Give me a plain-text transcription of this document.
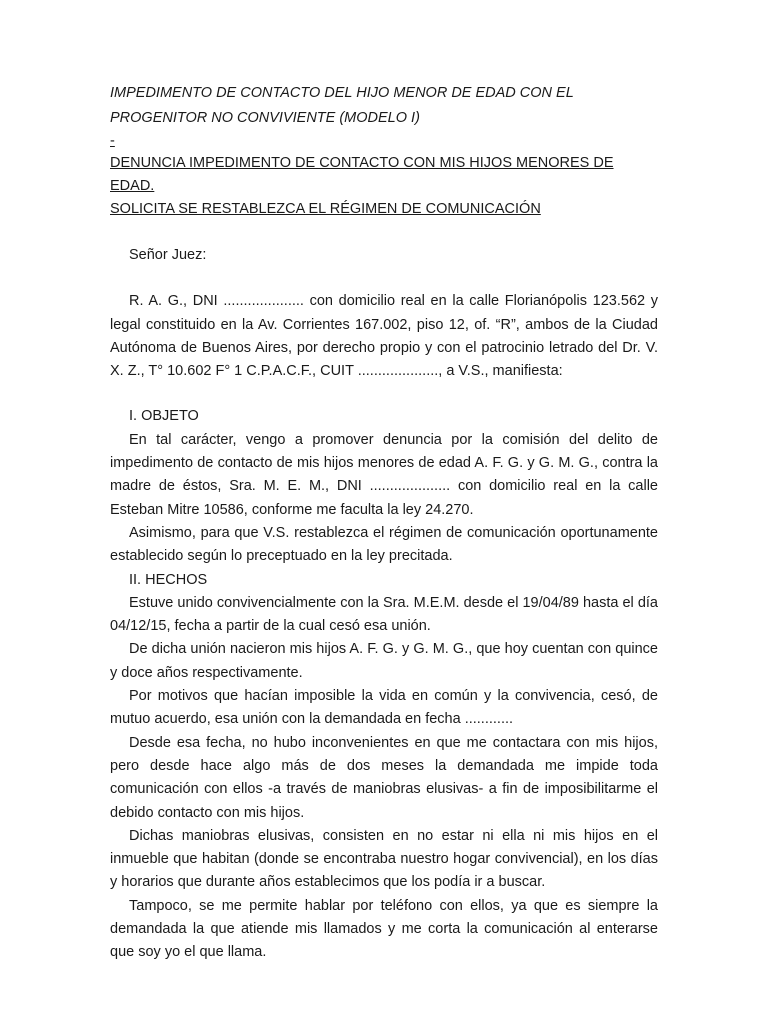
IMPEDIMENTO DE CONTACTO DEL HIJO MENOR DE EDAD CON EL

PROGENITOR NO CONVIVIENTE (MODELO I)

-

DENUNCIA IMPEDIMENTO DE CONTACTO CON MIS HIJOS MENORES DE EDAD.

SOLICITA SE RESTABLEZCA EL RÉGIMEN DE COMUNICACIÓN

Señor Juez:

R. A. G., DNI .................... con domicilio real en la calle Florianópolis 123.562 y legal constituido en la Av. Corrientes 167.002, piso 12, of. “R”, ambos de la Ciudad Autónoma de Buenos Aires, por derecho propio y con el patrocinio letrado del Dr. V. X. Z., T° 10.602 F° 1 C.P.A.C.F., CUIT ...................., a V.S., manifiesta:

I. OBJETO

En tal carácter, vengo a promover denuncia por la comisión del delito de impedimento de contacto de mis hijos menores de edad A. F. G. y G. M. G., contra la madre de éstos, Sra. M. E. M., DNI .................... con domicilio real en la calle Esteban Mitre 10586, conforme me faculta la ley 24.270.

Asimismo, para que V.S. restablezca el régimen de comunicación oportunamente establecido según lo preceptuado en la ley precitada.

II. HECHOS

Estuve unido convivencialmente con la Sra. M.E.M. desde el 19/04/89 hasta el día 04/12/15, fecha a partir de la cual cesó esa unión.

De dicha unión nacieron mis hijos A. F. G. y G. M. G., que hoy cuentan con quince y doce años respectivamente.

Por motivos que hacían imposible la vida en común y la convivencia, cesó, de mutuo acuerdo, esa unión con la demandada en fecha ............

Desde esa fecha, no hubo inconvenientes en que me contactara con mis hijos, pero desde hace algo más de dos meses la demandada me impide toda comunicación con ellos -a través de maniobras elusivas- a fin de imposibilitarme el debido contacto con mis hijos.

Dichas maniobras elusivas, consisten en no estar ni ella ni mis hijos en el inmueble que habitan (donde se encontraba nuestro hogar convivencial), en los días y horarios que durante años establecimos que los podía ir a buscar.

Tampoco, se me permite hablar por teléfono con ellos, ya que es siempre la demandada la que atiende mis llamados y me corta la comunicación al enterarse que soy yo el que llama.
